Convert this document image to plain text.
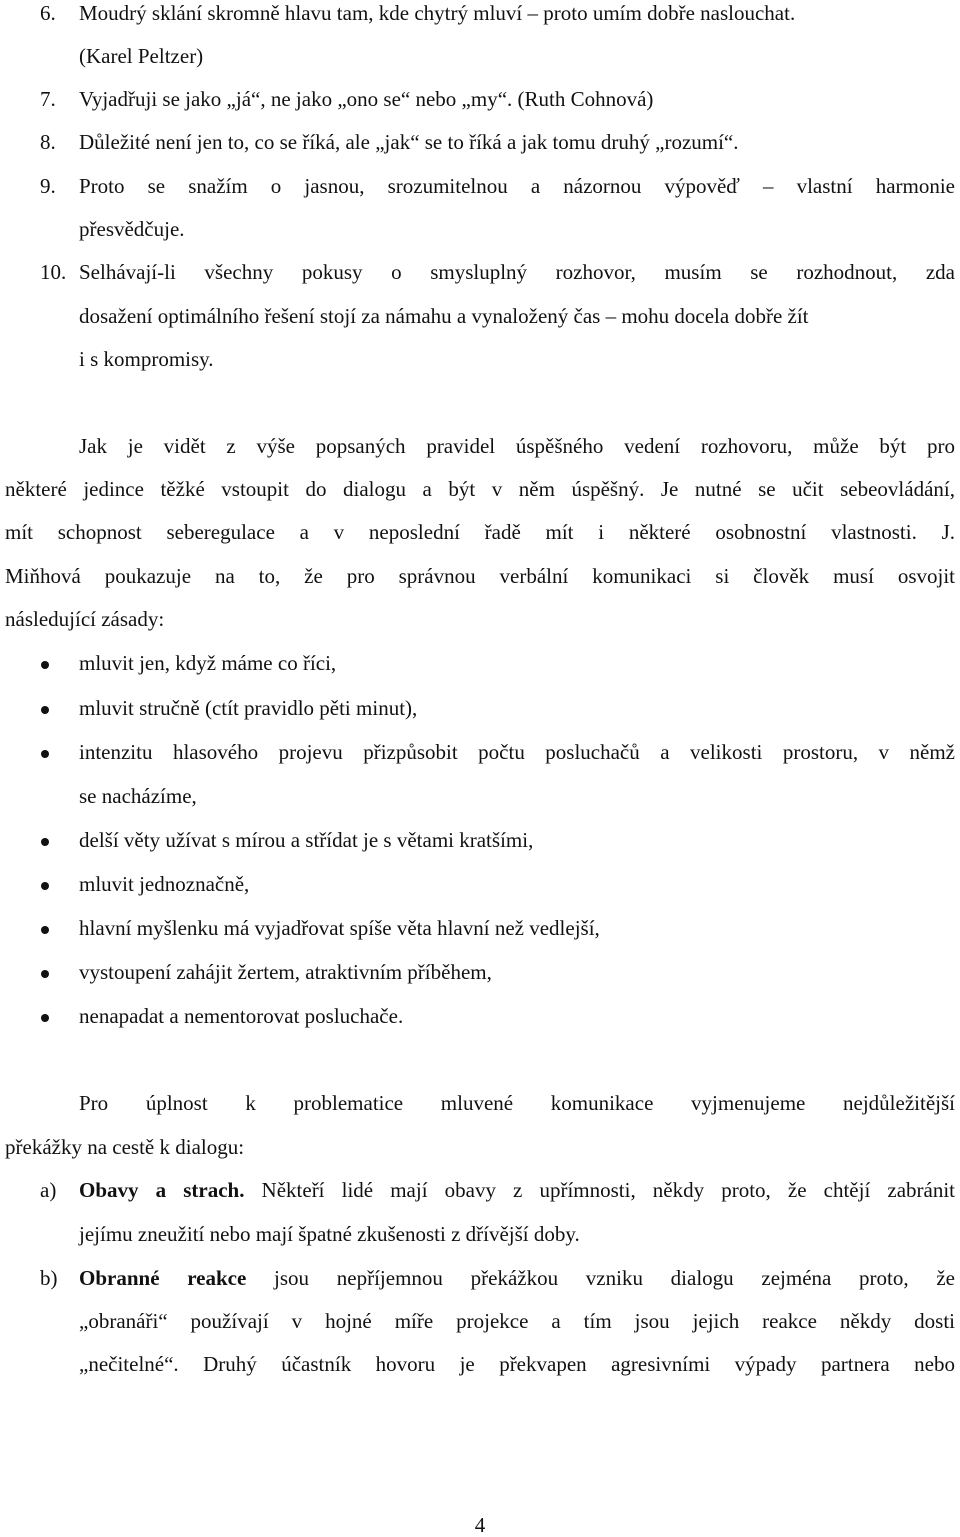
6. Moudrý sklání skromně hlavu tam, kde chytrý mluví – proto umím dobře naslouchat.
(Karel Peltzer)
7. Vyjadřuji se jako „já“, ne jako „ono se“ nebo „my“. (Ruth Cohnová)
8. Důležité není jen to, co se říká, ale „jak“ se to říká a jak tomu druhý „rozumí“.
9. Proto se snažím o jasnou, srozumitelnou a názornou výpověď – vlastní harmonie
přesvědčuje.
10. Selhávají-li všechny pokusy o smysluplný rozhovor, musím se rozhodnout, zda
dosažení optimálního řešení stojí za námahu a vynaložený čas – mohu docela dobře žít
i s kompromisy.
Jak je vidět z výše popsaných pravidel úspěšného vedení rozhovoru, může být pro
některé jedince těžké vstoupit do dialogu a být v něm úspěšný. Je nutné se učit sebeovládání,
mít schopnost seberegulace a v neposlední řadě mít i některé osobnostní vlastnosti. J.
Miňhová poukazuje na to, že pro správnou verbální komunikaci si člověk musí osvojit
následující zásady:
mluvit jen, když máme co říci,
mluvit stručně (ctít pravidlo pěti minut),
intenzitu hlasového projevu přizpůsobit počtu posluchačů a velikosti prostoru, v němž
se nacházíme,
delší věty užívat s mírou a střídat je s větami kratšími,
mluvit jednoznačně,
hlavní myšlenku má vyjadřovat spíše věta hlavní než vedlejší,
vystoupení zahájit žertem, atraktivním příběhem,
nenapadat a nementorovat posluchače.
Pro úplnost k problematice mluvené komunikace vyjmenujeme nejdůležitější
překážky na cestě k dialogu:
a) Obavy a strach. Někteří lidé mají obavy z upřímnosti, někdy proto, že chtějí zabránit
jejímu zneužití nebo mají špatné zkušenosti z dřívější doby.
b) Obranné reakce jsou nepříjemnou překážkou vzniku dialogu zejména proto, že
„obranáři“ používají v hojné míře projekce a tím jsou jejich reakce někdy dosti
„nečitelné“. Druhý účastník hovoru je překvapen agresivními výpady partnera nebo
4
